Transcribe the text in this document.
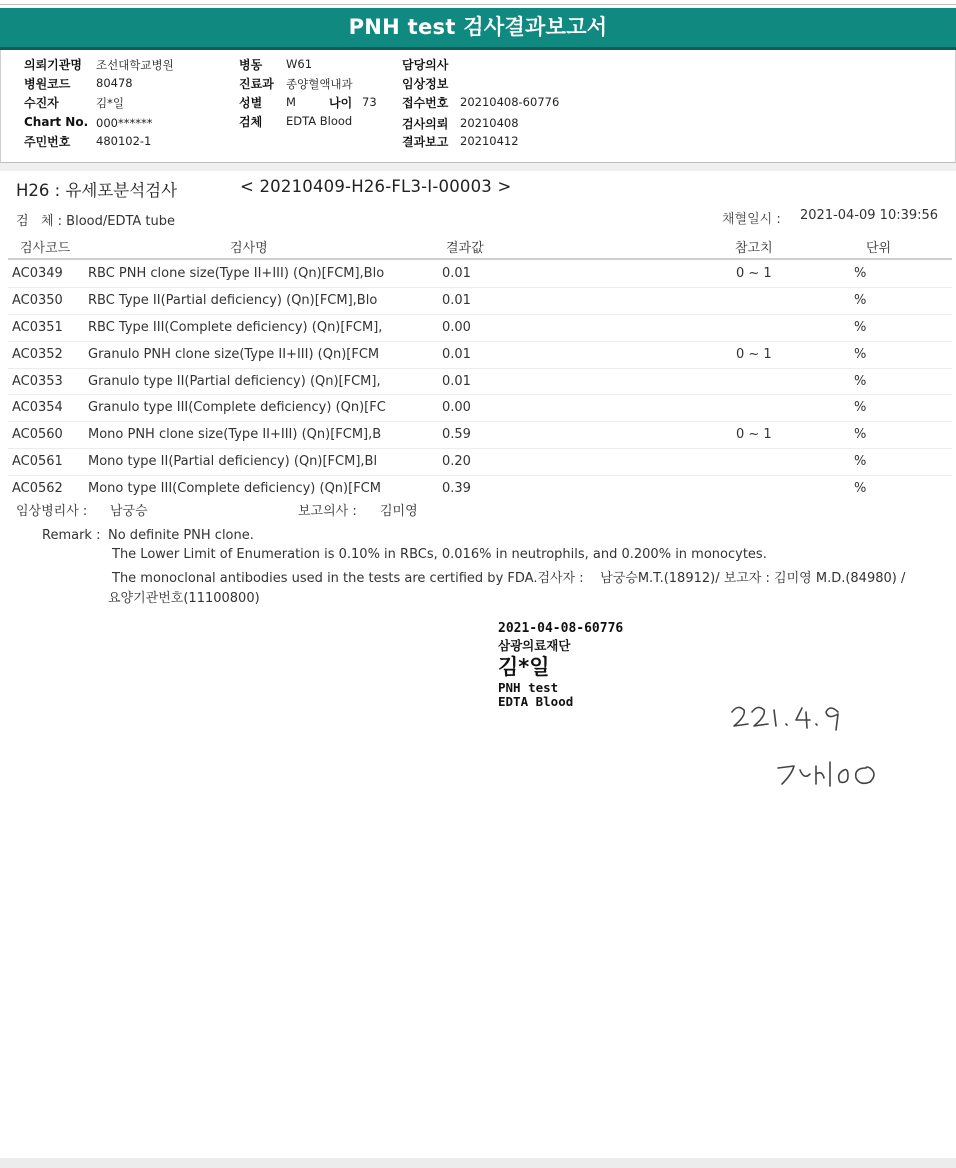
PNH test 검사결과보고서
의뢰기관명 조선대학교병원
병원코드 80478
수진자	김*일
Chart No. 000******
주민번호 480102-1
병동 W61
진료과 종양혈액내과
성별 M	나이 73
검체 EDTA Blood
담당의사
임상정보
접수번호 20210408-60776
검사의뢰 20210408
결과보고 20210412
H26 : 유세포분석검사	< 20210409-H26-FL3-I-00003 >
검   체 : Blood/EDTA tube	채혈일시 : 2021-04-09 10:39:56
검사코드	검사명	결과값	참고치	단위
AC0349 RBC PNH clone size(Type II+III) (Qn)[FCM],Blo	0.01	0 ~ 1	%
AC0350 RBC Type II(Partial deficiency) (Qn)[FCM],Blo	0.01	%
AC0351 RBC Type III(Complete deficiency) (Qn)[FCM],	0.00	%
AC0352 Granulo PNH clone size(Type II+III) (Qn)[FCM	0.01	0 ~ 1	%
AC0353 Granulo type II(Partial deficiency) (Qn)[FCM],	0.01	%
AC0354 Granulo type III(Complete deficiency) (Qn)[FC	0.00	%
AC0560 Mono PNH clone size(Type II+III) (Qn)[FCM],B	0.59	0 ~ 1	%
AC0561 Mono type II(Partial deficiency) (Qn)[FCM],Bl	0.20	%
AC0562 Mono type III(Complete deficiency) (Qn)[FCM	0.39	%
임상병리사 : 남궁승	보고의사 : 김미영
Remark : No definite PNH clone.
The Lower Limit of Enumeration is 0.10% in RBCs, 0.016% in neutrophils, and 0.200% in monocytes.
The monoclonal antibodies used in the tests are certified by FDA.검사자 :    남궁승M.T.(18912)/ 보고자 : 김미영 M.D.(84980) /
요양기관번호(11100800)
2021-04-08-60776
삼광의료재단
김*일
PNH test
EDTA Blood
